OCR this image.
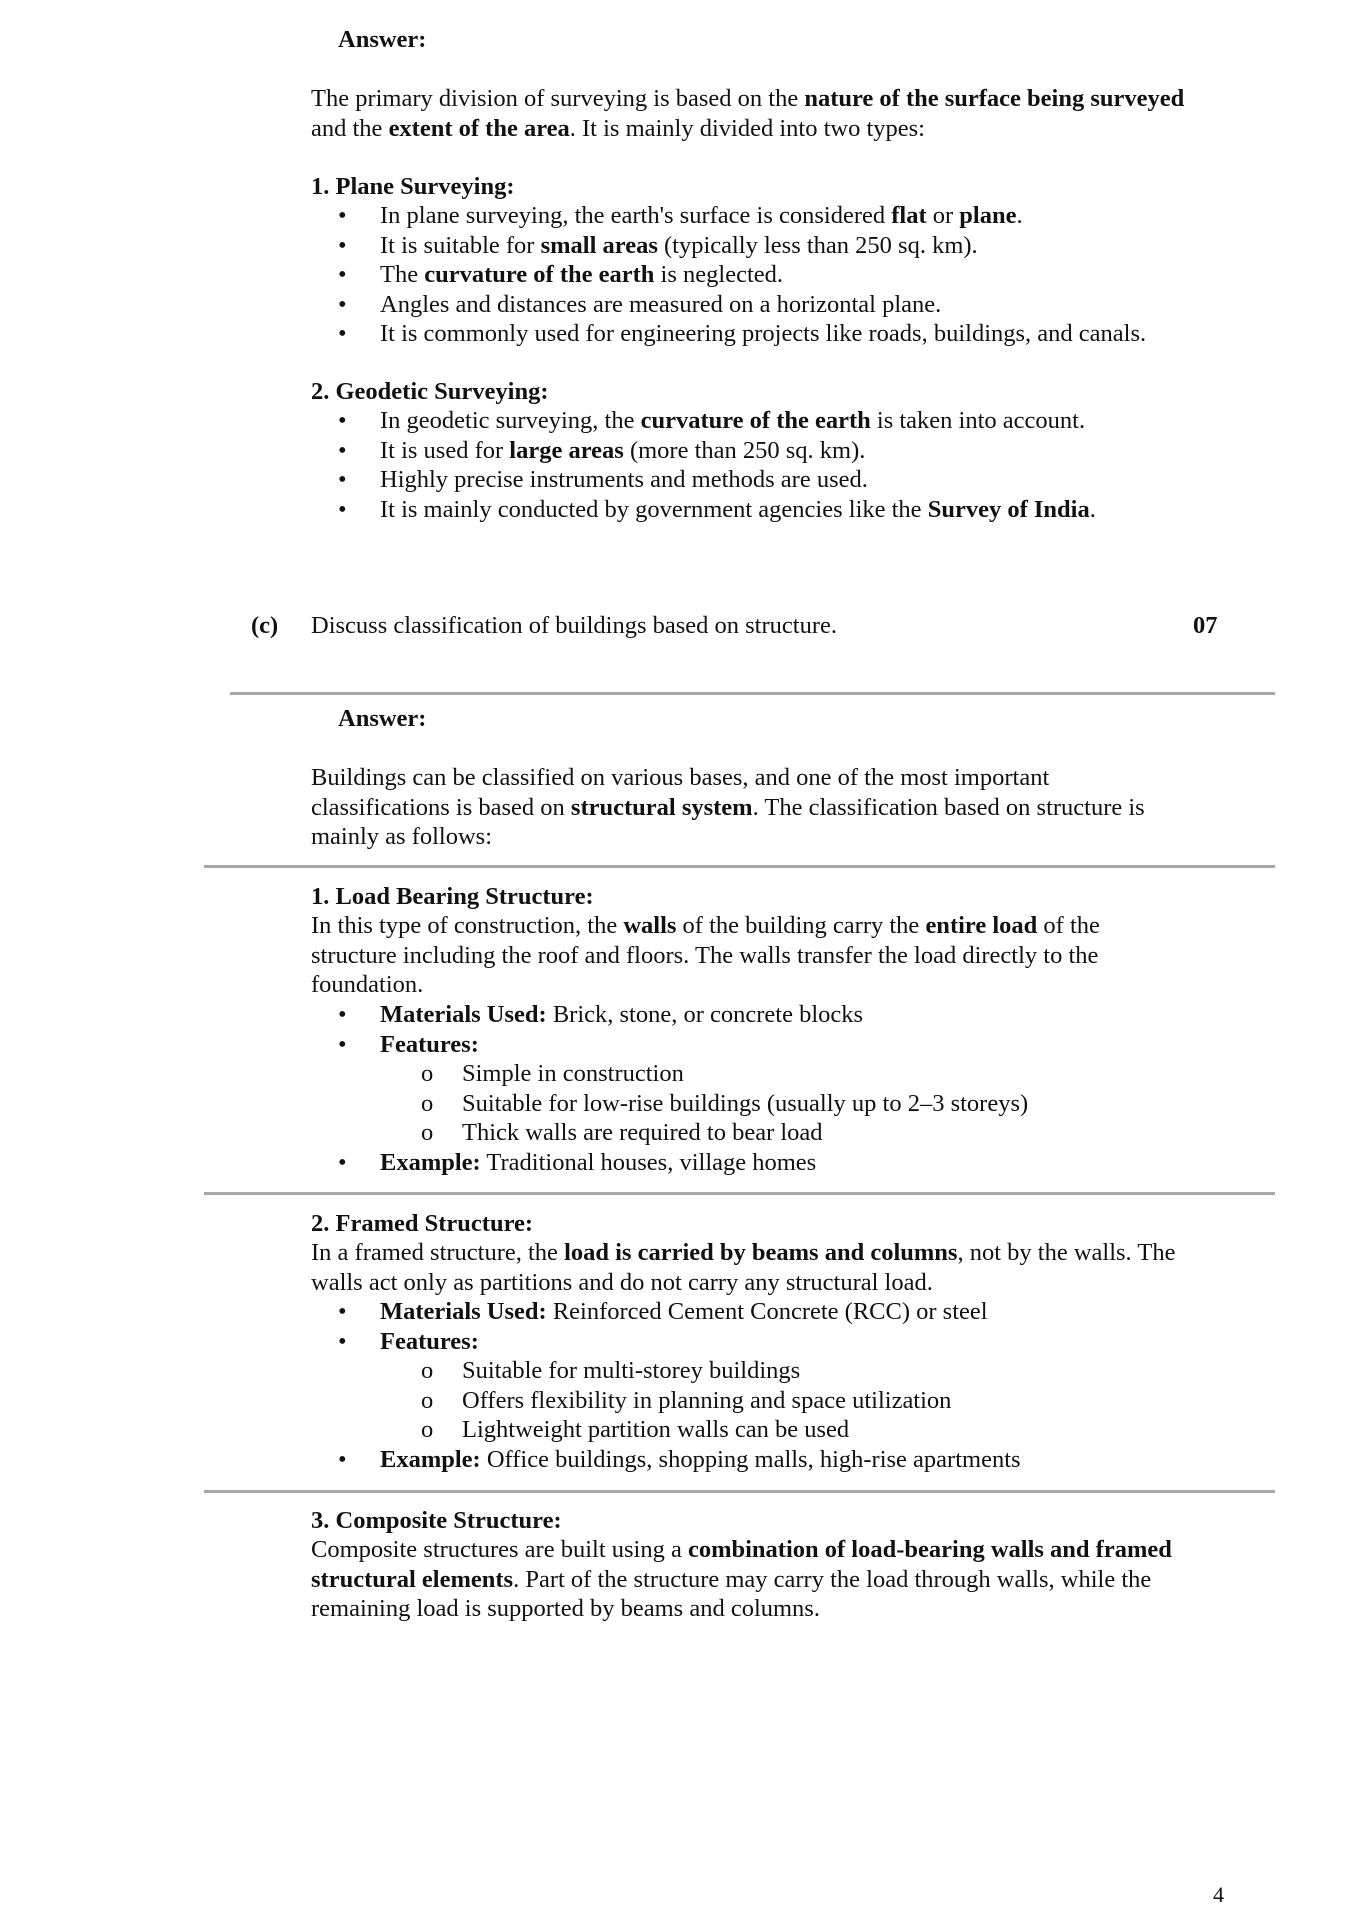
Answer:

The primary division of surveying is based on the nature of the surface being surveyed and the extent of the area. It is mainly divided into two types:

1. Plane Surveying:

• In plane surveying, the earth's surface is considered flat or plane.
• It is suitable for small areas (typically less than 250 sq. km).
• The curvature of the earth is neglected.
• Angles and distances are measured on a horizontal plane.
• It is commonly used for engineering projects like roads, buildings, and canals.

2. Geodetic Surveying:

• In geodetic surveying, the curvature of the earth is taken into account.
• It is used for large areas (more than 250 sq. km).
• Highly precise instruments and methods are used.
• It is mainly conducted by government agencies like the Survey of India.

(c) Discuss classification of buildings based on structure.	07

Answer:

Buildings can be classified on various bases, and one of the most important classifications is based on structural system. The classification based on structure is mainly as follows:

1. Load Bearing Structure:

In this type of construction, the walls of the building carry the entire load of the structure including the roof and floors. The walls transfer the load directly to the foundation.

• Materials Used: Brick, stone, or concrete blocks
• Features:
o Simple in construction
o Suitable for low-rise buildings (usually up to 2–3 storeys)
o Thick walls are required to bear load
• Example: Traditional houses, village homes

2. Framed Structure:

In a framed structure, the load is carried by beams and columns, not by the walls. The walls act only as partitions and do not carry any structural load.

• Materials Used: Reinforced Cement Concrete (RCC) or steel
• Features:
o Suitable for multi-storey buildings
o Offers flexibility in planning and space utilization
o Lightweight partition walls can be used
• Example: Office buildings, shopping malls, high-rise apartments

3. Composite Structure:

Composite structures are built using a combination of load-bearing walls and framed structural elements. Part of the structure may carry the load through walls, while the remaining load is supported by beams and columns.

4
